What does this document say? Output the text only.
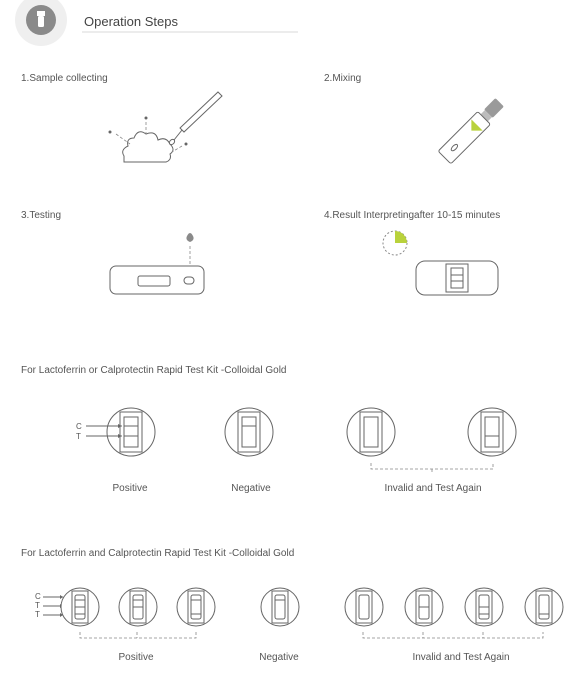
Operation Steps
1.Sample collecting	2.Mixing
3.Testing	4.Result Interpretingafter 10-15 minutes
For Lactoferrin or Calprotectin Rapid Test Kit -Colloidal Gold
C
T
Positive	Negative	Invalid and Test Again
For Lactoferrin and Calprotectin Rapid Test Kit -Colloidal Gold
C
T
T
Positive	Negative	Invalid and Test Again
